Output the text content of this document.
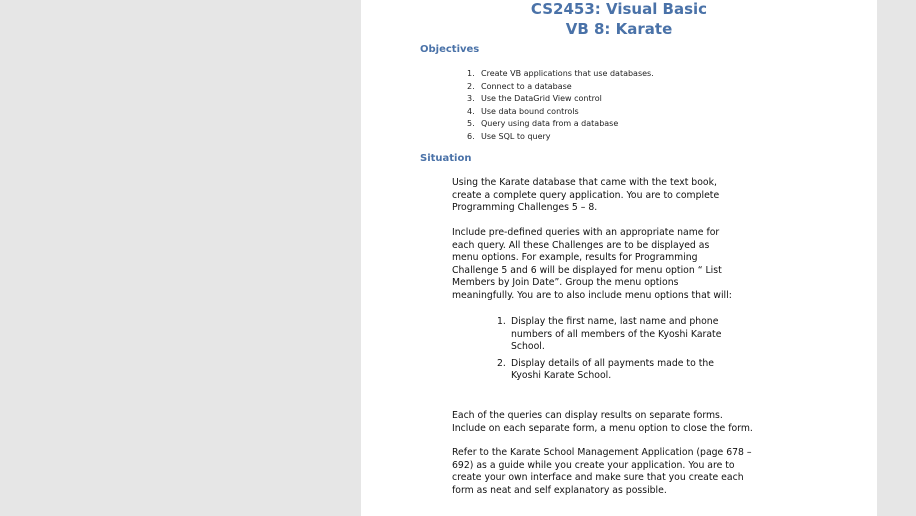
CS2453: Visual Basic
VB 8: Karate
Objectives
1. Create VB applications that use databases.
2. Connect to a database
3. Use the DataGrid View control
4. Use data bound controls
5. Query using data from a database
6. Use SQL to query
Situation

Using the Karate database that came with the text book,
create a complete query application. You are to complete
Programming Challenges 5 – 8.

Include pre-defined queries with an appropriate name for
each query. All these Challenges are to be displayed as
menu options. For example, results for Programming
Challenge 5 and 6 will be displayed for menu option “ List
Members by Join Date”. Group the menu options
meaningfully. You are to also include menu options that will:

1. Display the first name, last name and phone
numbers of all members of the Kyoshi Karate
School.
2. Display details of all payments made to the
Kyoshi Karate School.

Each of the queries can display results on separate forms.
Include on each separate form, a menu option to close the form.

Refer to the Karate School Management Application (page 678 –
692) as a guide while you create your application. You are to
create your own interface and make sure that you create each
form as neat and self explanatory as possible.
